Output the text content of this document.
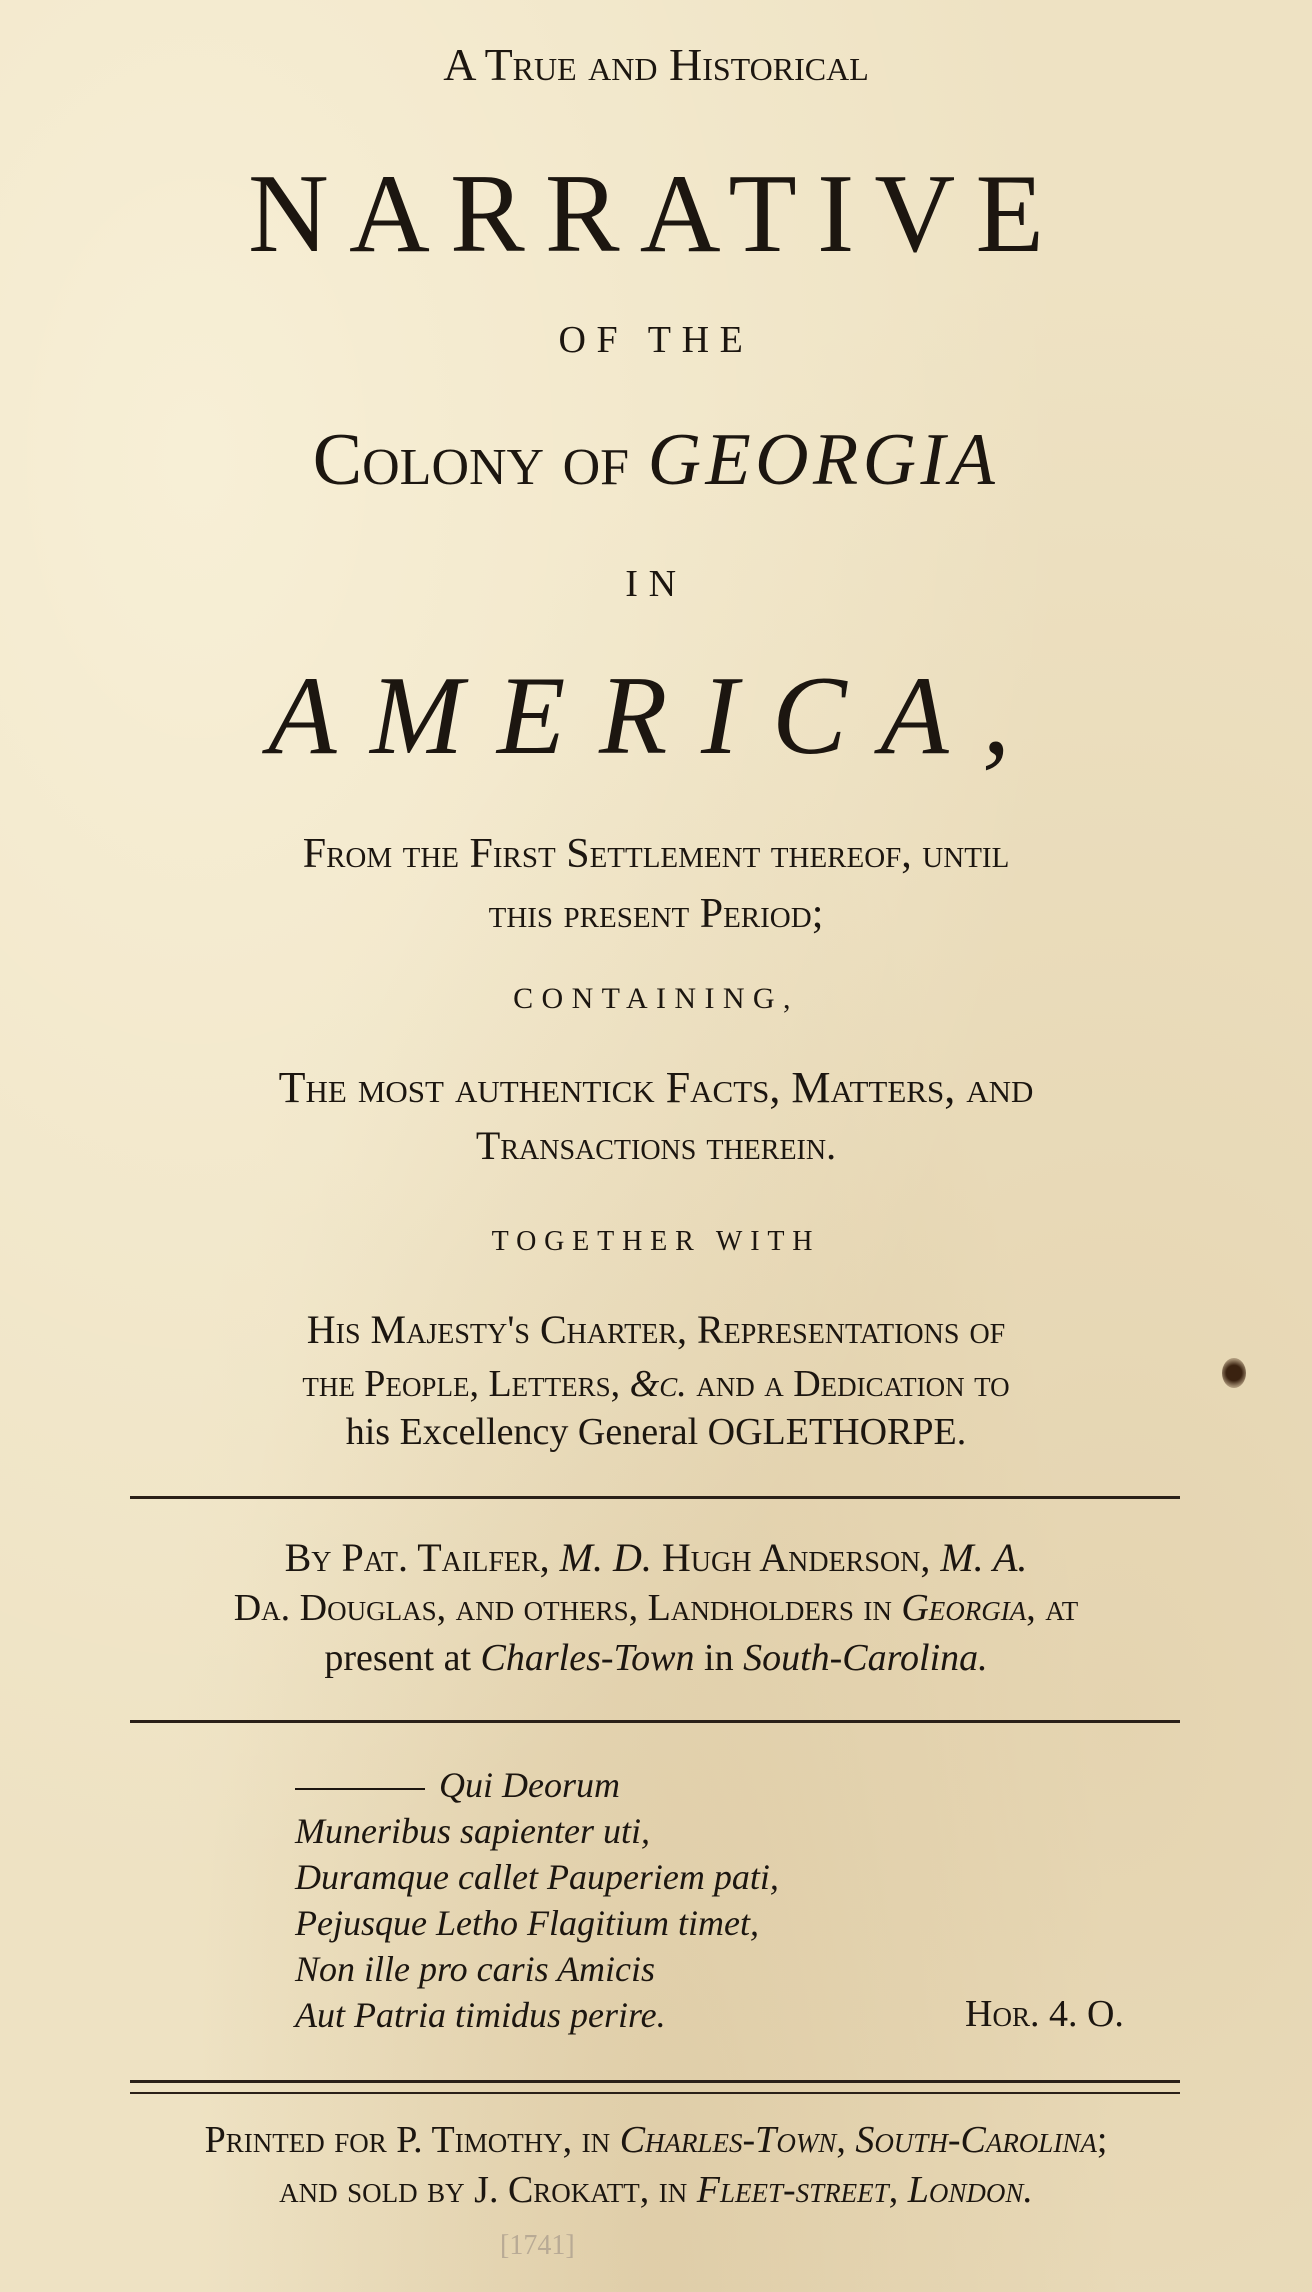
A True and Historical
NARRATIVE
OF THE
Colony of GEORGIA
IN
AMERICA,
From the First Settlement thereof, until
this present Period;
CONTAINING,
The most authentick Facts, Matters, and
Transactions therein.
TOGETHER WITH
His Majesty's Charter, Representations of
the People, Letters, &c. and a Dedication to
his Excellency General OGLETHORPE.
By Pat. Tailfer, M. D. Hugh Anderson, M. A.
Da. Douglas, and others, Landholders in Georgia, at
present at Charles-Town in South-Carolina.
Qui Deorum
Muneribus sapienter uti,
Duramque callet Pauperiem pati,
Pejusque Letho Flagitium timet,
Non ille pro caris Amicis
Aut Patria timidus perire.	Hor. 4. O.
Printed for P. Timothy, in Charles-Town, South-Carolina;
and sold by J. Crokatt, in Fleet-street, London.
[1741]
